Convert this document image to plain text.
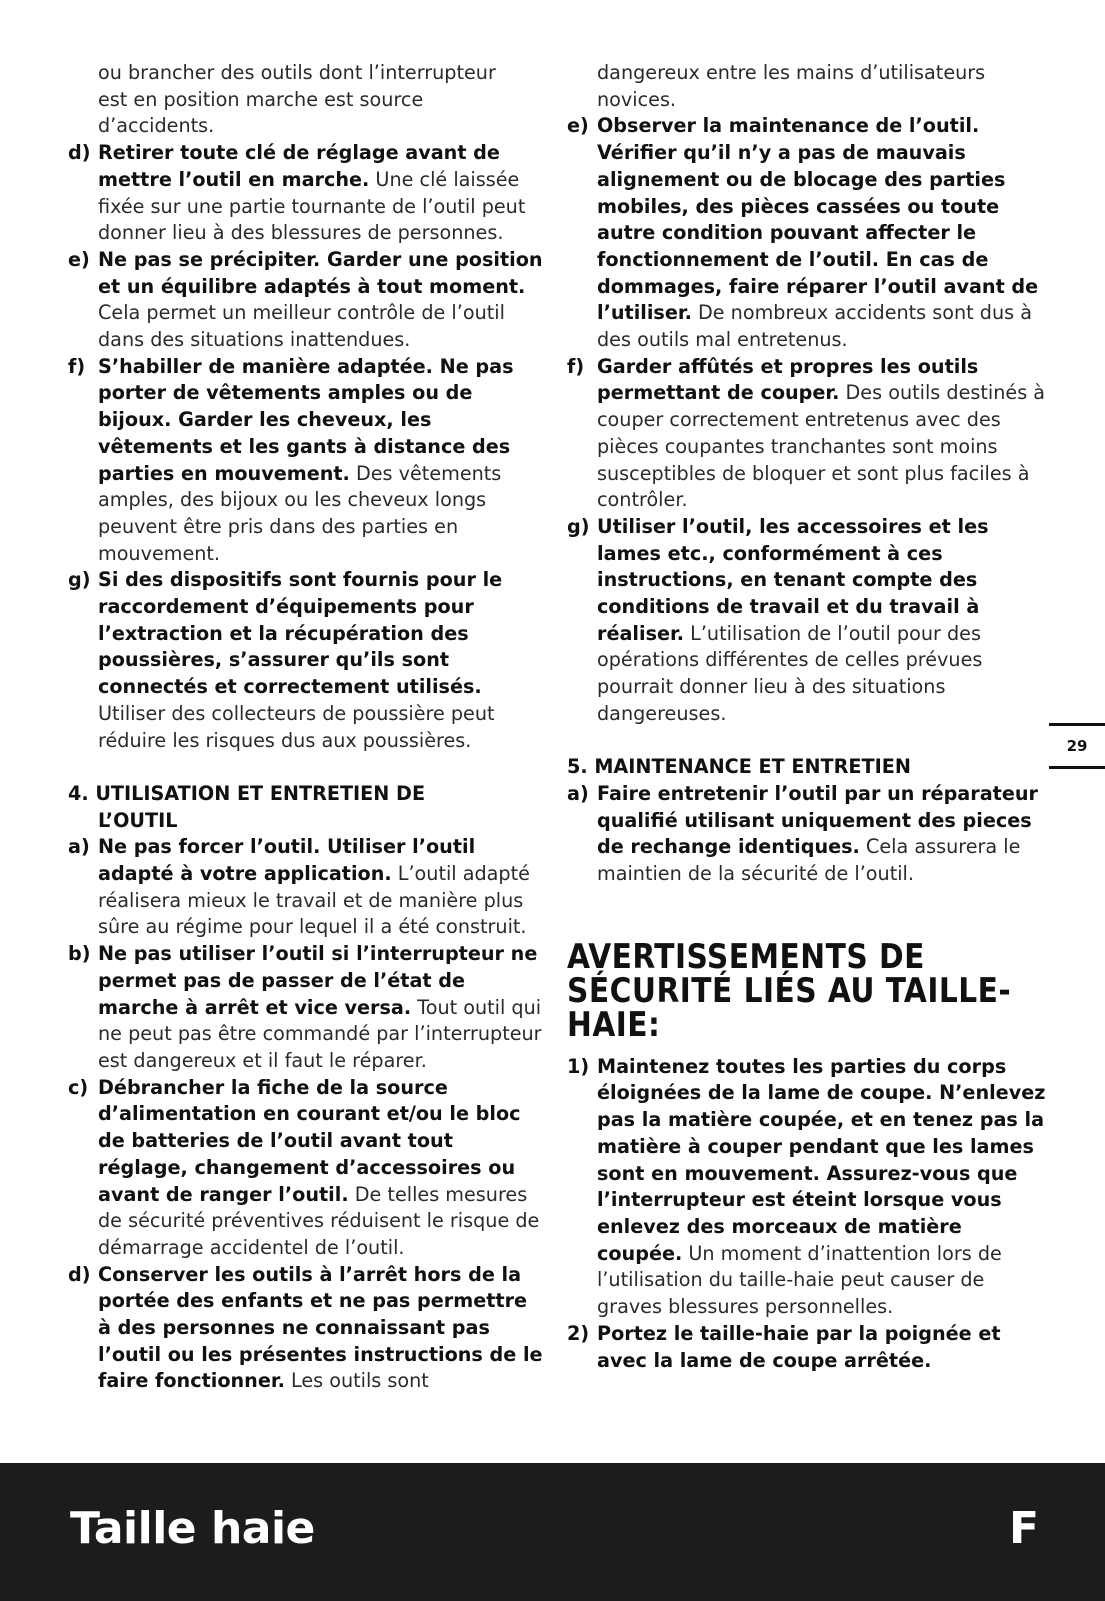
ou brancher des outils dont l’interrupteur
est en position marche est source
d’accidents.
d) Retirer toute clé de réglage avant de mettre l’outil en marche. Une clé laissée fixée sur une partie tournante de l’outil peut donner lieu à des blessures de personnes.
e) Ne pas se précipiter. Garder une position et un équilibre adaptés à tout moment. Cela permet un meilleur contrôle de l’outil dans des situations inattendues.
f) S’habiller de manière adaptée. Ne pas porter de vêtements amples ou de bijoux. Garder les cheveux, les vêtements et les gants à distance des parties en mouvement. Des vêtements amples, des bijoux ou les cheveux longs peuvent être pris dans des parties en mouvement.
g) Si des dispositifs sont fournis pour le raccordement d’équipements pour l’extraction et la récupération des poussières, s’assurer qu’ils sont connectés et correctement utilisés. Utiliser des collecteurs de poussière peut réduire les risques dus aux poussières.
4. UTILISATION ET ENTRETIEN DE
L’OUTIL
a) Ne pas forcer l’outil. Utiliser l’outil adapté à votre application. L’outil adapté réalisera mieux le travail et de manière plus sûre au régime pour lequel il a été construit.
b) Ne pas utiliser l’outil si l’interrupteur ne permet pas de passer de l’état de marche à arrêt et vice versa. Tout outil qui ne peut pas être commandé par l’interrupteur est dangereux et il faut le réparer.
c) Débrancher la fiche de la source d’alimentation en courant et/ou le bloc de batteries de l’outil avant tout réglage, changement d’accessoires ou avant de ranger l’outil. De telles mesures de sécurité préventives réduisent le risque de démarrage accidentel de l’outil.
d) Conserver les outils à l’arrêt hors de la portée des enfants et ne pas permettre à des personnes ne connaissant pas l’outil ou les présentes instructions de le faire fonctionner. Les outils sont
dangereux entre les mains d’utilisateurs
novices.
e) Observer la maintenance de l’outil. Vérifier qu’il n’y a pas de mauvais alignement ou de blocage des parties mobiles, des pièces cassées ou toute autre condition pouvant affecter le fonctionnement de l’outil. En cas de dommages, faire réparer l’outil avant de l’utiliser. De nombreux accidents sont dus à des outils mal entretenus.
f) Garder affûtés et propres les outils permettant de couper. Des outils destinés à couper correctement entretenus avec des pièces coupantes tranchantes sont moins susceptibles de bloquer et sont plus faciles à contrôler.
g) Utiliser l’outil, les accessoires et les lames etc., conformément à ces instructions, en tenant compte des conditions de travail et du travail à réaliser. L’utilisation de l’outil pour des opérations différentes de celles prévues pourrait donner lieu à des situations dangereuses.
5. MAINTENANCE ET ENTRETIEN
a) Faire entretenir l’outil par un réparateur qualifié utilisant uniquement des pieces de rechange identiques. Cela assurera le maintien de la sécurité de l’outil.
AVERTISSEMENTS DE
SÉCURITÉ LIÉS AU TAILLE-
HAIE:
1) Maintenez toutes les parties du corps éloignées de la lame de coupe. N’enlevez pas la matière coupée, et en tenez pas la matière à couper pendant que les lames sont en mouvement. Assurez-vous que l’interrupteur est éteint lorsque vous enlevez des morceaux de matière coupée. Un moment d’inattention lors de l’utilisation du taille-haie peut causer de graves blessures personnelles.
2) Portez le taille-haie par la poignée et avec la lame de coupe arrêtée.
29
Taille haie	F
